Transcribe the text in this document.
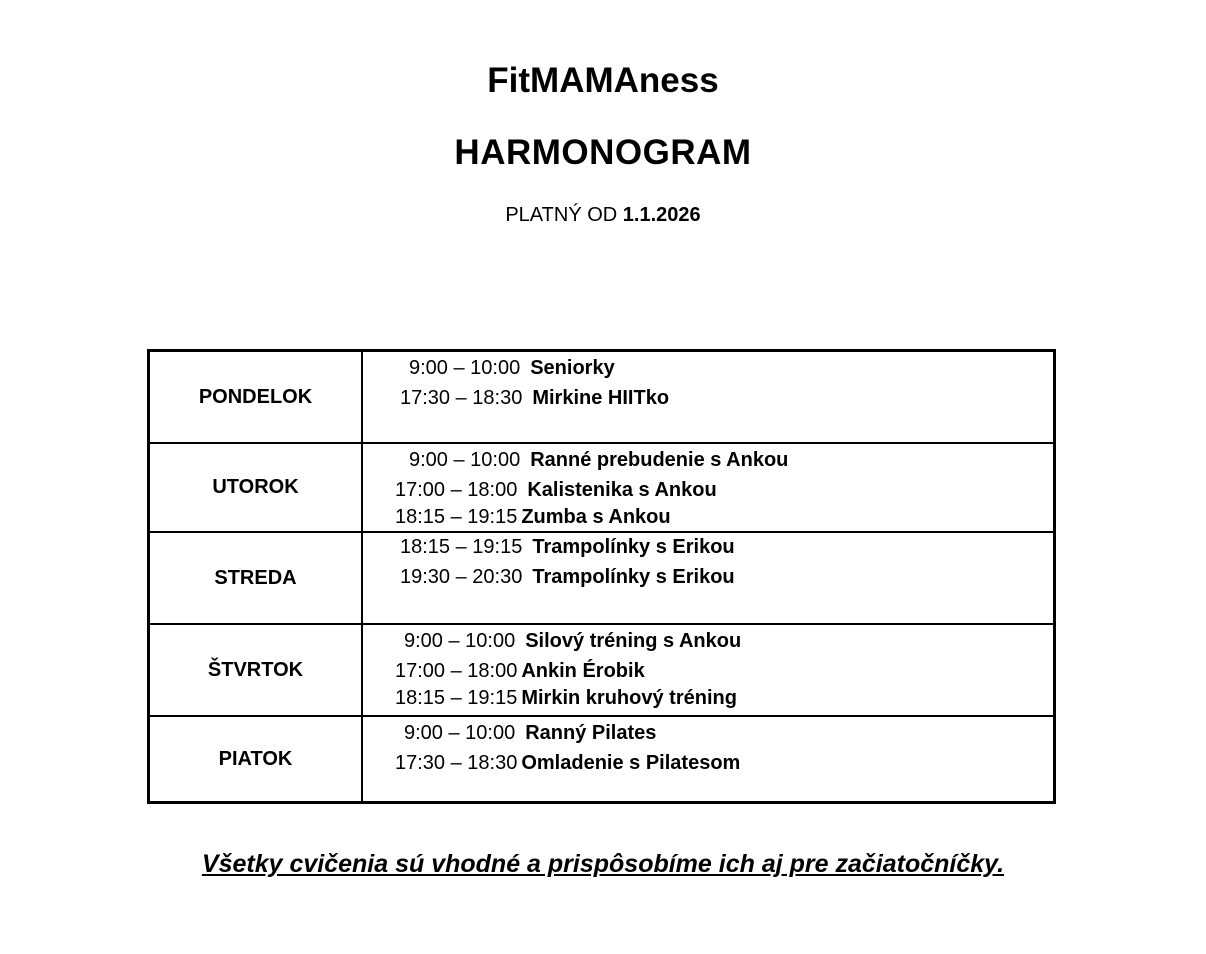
FitMAMAness
HARMONOGRAM
PLATNÝ OD 1.1.2026
PONDELOK	9:00 – 10:00 Seniorky
17:30 – 18:30 Mirkine HIITko

UTOROK	9:00 – 10:00 Ranné prebudenie s Ankou
17:00 – 18:00 Kalistenika s Ankou
18:15 – 19:15 Zumba s Ankou

STREDA	18:15 – 19:15 Trampolínky s Erikou
19:30 – 20:30 Trampolínky s Erikou

ŠTVRTOK	9:00 – 10:00 Silový tréning s Ankou
17:00 – 18:00 Ankin Érobik
18:15 – 19:15 Mirkin kruhový tréning

PIATOK	9:00 – 10:00 Ranný Pilates
17:30 – 18:30 Omladenie s Pilatesom
Všetky cvičenia sú vhodné a prispôsobíme ich aj pre začiatočníčky.
